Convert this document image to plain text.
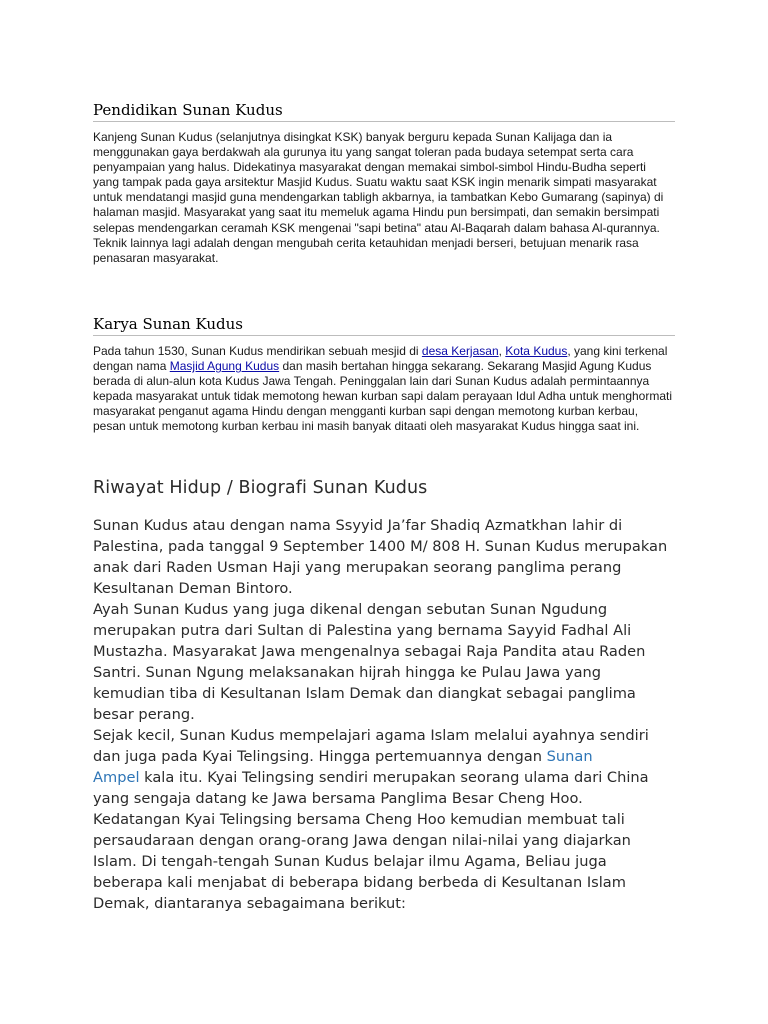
Pendidikan Sunan Kudus

Kanjeng Sunan Kudus (selanjutnya disingkat KSK) banyak berguru kepada Sunan Kalijaga dan ia menggunakan gaya berdakwah ala gurunya itu yang sangat toleran pada budaya setempat serta cara penyampaian yang halus. Didekatinya masyarakat dengan memakai simbol-simbol Hindu-Budha seperti yang tampak pada gaya arsitektur Masjid Kudus. Suatu waktu saat KSK ingin menarik simpati masyarakat untuk mendatangi masjid guna mendengarkan tabligh akbarnya, ia tambatkan Kebo Gumarang (sapinya) di halaman masjid. Masyarakat yang saat itu memeluk agama Hindu pun bersimpati, dan semakin bersimpati selepas mendengarkan ceramah KSK mengenai "sapi betina" atau Al-Baqarah dalam bahasa Al-qurannya. Teknik lainnya lagi adalah dengan mengubah cerita ketauhidan menjadi berseri, betujuan menarik rasa penasaran masyarakat.

Karya Sunan Kudus

Pada tahun 1530, Sunan Kudus mendirikan sebuah mesjid di desa Kerjasan, Kota Kudus, yang kini terkenal dengan nama Masjid Agung Kudus dan masih bertahan hingga sekarang. Sekarang Masjid Agung Kudus berada di alun-alun kota Kudus Jawa Tengah. Peninggalan lain dari Sunan Kudus adalah permintaannya kepada masyarakat untuk tidak memotong hewan kurban sapi dalam perayaan Idul Adha untuk menghormati masyarakat penganut agama Hindu dengan mengganti kurban sapi dengan memotong kurban kerbau, pesan untuk memotong kurban kerbau ini masih banyak ditaati oleh masyarakat Kudus hingga saat ini.

Riwayat Hidup / Biografi Sunan Kudus
Sunan Kudus atau dengan nama Ssyyid Ja’far Shadiq Azmatkhan lahir di
Palestina, pada tanggal 9 September 1400 M/ 808 H. Sunan Kudus merupakan
anak dari Raden Usman Haji yang merupakan seorang panglima perang
Kesultanan Deman Bintoro.
Ayah Sunan Kudus yang juga dikenal dengan sebutan Sunan Ngudung
merupakan putra dari Sultan di Palestina yang bernama Sayyid Fadhal Ali
Mustazha. Masyarakat Jawa mengenalnya sebagai Raja Pandita atau Raden
Santri. Sunan Ngung melaksanakan hijrah hingga ke Pulau Jawa yang
kemudian tiba di Kesultanan Islam Demak dan diangkat sebagai panglima
besar perang.
Sejak kecil, Sunan Kudus mempelajari agama Islam melalui ayahnya sendiri
dan juga pada Kyai Telingsing. Hingga pertemuannya dengan Sunan
Ampel kala itu. Kyai Telingsing sendiri merupakan seorang ulama dari China
yang sengaja datang ke Jawa bersama Panglima Besar Cheng Hoo.
Kedatangan Kyai Telingsing bersama Cheng Hoo kemudian membuat tali
persaudaraan dengan orang-orang Jawa dengan nilai-nilai yang diajarkan
Islam. Di tengah-tengah Sunan Kudus belajar ilmu Agama, Beliau juga
beberapa kali menjabat di beberapa bidang berbeda di Kesultanan Islam
Demak, diantaranya sebagaimana berikut:
